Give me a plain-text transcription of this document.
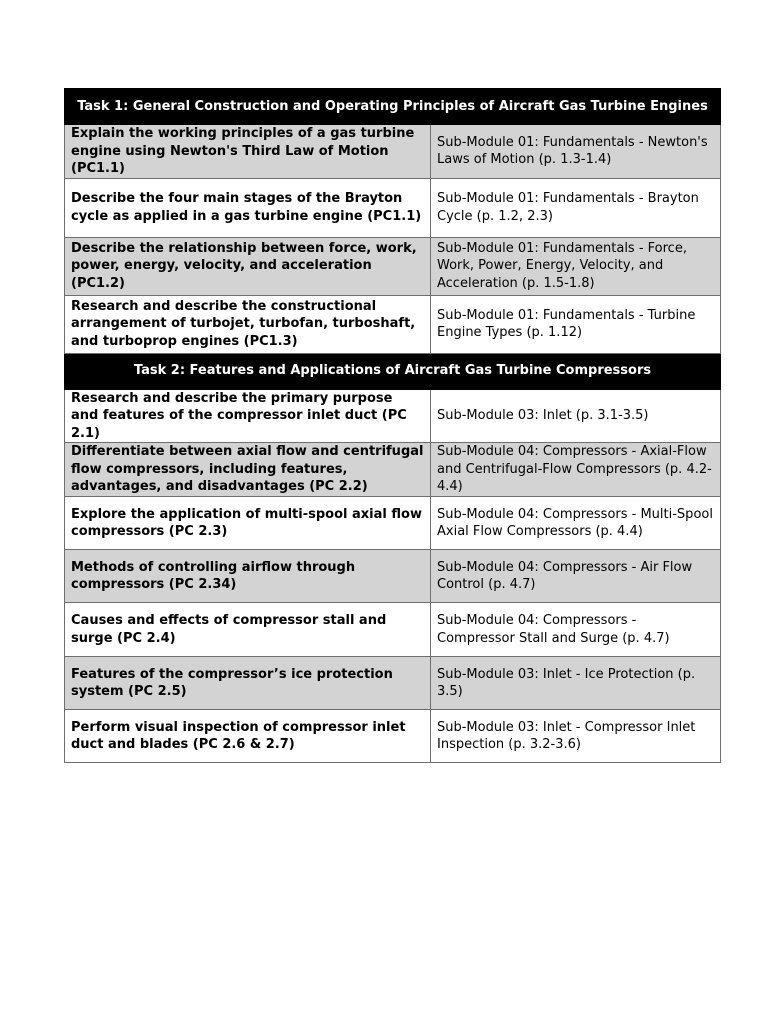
Task 1: General Construction and Operating Principles of Aircraft Gas Turbine Engines	
Explain the working principles of a gas turbine engine using Newton's Third Law of Motion (PC1.1)	Sub-Module 01: Fundamentals - Newton's Laws of Motion (p. 1.3-1.4)
Describe the four main stages of the Brayton cycle as applied in a gas turbine engine (PC1.1)	Sub-Module 01: Fundamentals - Brayton Cycle (p. 1.2, 2.3)
Describe the relationship between force, work, power, energy, velocity, and acceleration (PC1.2)	Sub-Module 01: Fundamentals - Force, Work, Power, Energy, Velocity, and Acceleration (p. 1.5-1.8)
Research and describe the constructional arrangement of turbojet, turbofan, turboshaft, and turboprop engines (PC1.3)	Sub-Module 01: Fundamentals - Turbine Engine Types (p. 1.12)
Task 2: Features and Applications of Aircraft Gas Turbine Compressors	
Research and describe the primary purpose and features of the compressor inlet duct (PC 2.1)	Sub-Module 03: Inlet (p. 3.1-3.5)
Differentiate between axial flow and centrifugal flow compressors, including features, advantages, and disadvantages (PC 2.2)	Sub-Module 04: Compressors - Axial-Flow and Centrifugal-Flow Compressors (p. 4.2-4.4)
Explore the application of multi-spool axial flow compressors (PC 2.3)	Sub-Module 04: Compressors - Multi-Spool Axial Flow Compressors (p. 4.4)
Methods of controlling airflow through compressors (PC 2.34)	Sub-Module 04: Compressors - Air Flow Control (p. 4.7)
Causes and effects of compressor stall and surge (PC 2.4)	Sub-Module 04: Compressors - Compressor Stall and Surge (p. 4.7)
Features of the compressor’s ice protection system (PC 2.5)	Sub-Module 03: Inlet - Ice Protection (p. 3.5)
Perform visual inspection of compressor inlet duct and blades (PC 2.6 & 2.7)	Sub-Module 03: Inlet - Compressor Inlet Inspection (p. 3.2-3.6)
